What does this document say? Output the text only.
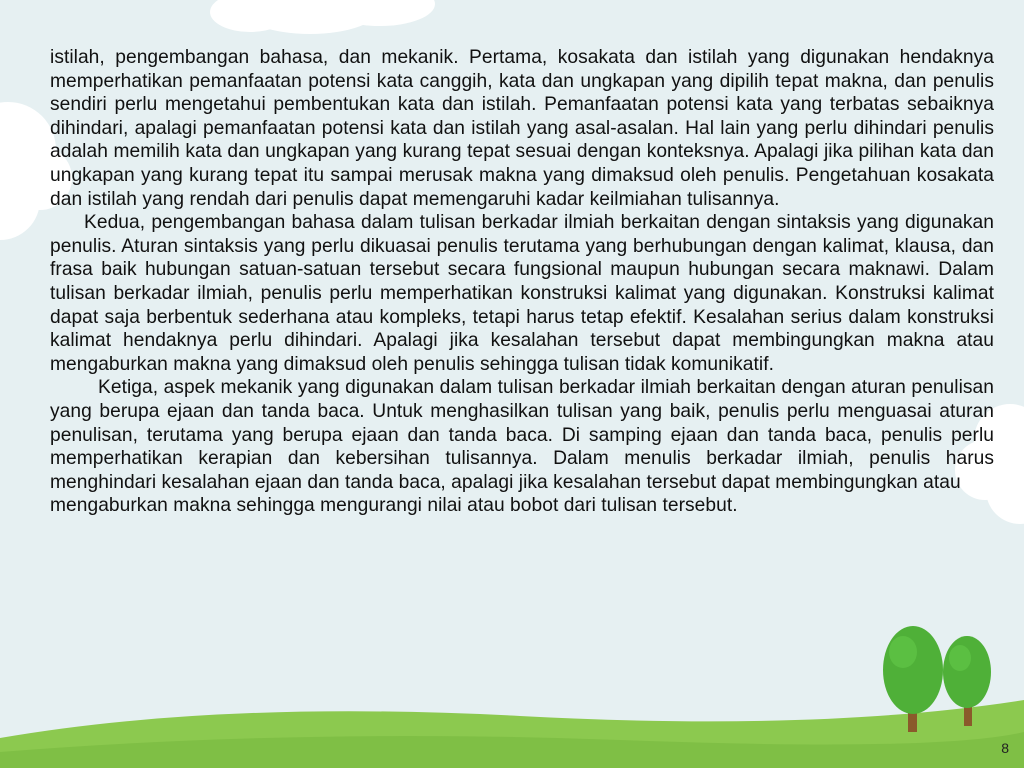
istilah, pengembangan bahasa, dan mekanik. Pertama, kosakata dan istilah yang digunakan hendaknya memperhatikan pemanfaatan potensi kata canggih, kata dan ungkapan yang dipilih tepat makna, dan penulis sendiri perlu mengetahui pembentukan kata dan istilah. Pemanfaatan potensi kata yang terbatas sebaiknya dihindari, apalagi pemanfaatan potensi kata dan istilah yang asal-asalan. Hal lain yang perlu dihindari penulis adalah memilih kata dan ungkapan yang kurang tepat sesuai dengan konteksnya. Apalagi jika pilihan kata dan ungkapan yang kurang tepat itu sampai merusak makna yang dimaksud oleh penulis. Pengetahuan kosakata dan istilah yang rendah dari penulis dapat memengaruhi kadar keilmiahan tulisannya.

Kedua, pengembangan bahasa dalam tulisan berkadar ilmiah berkaitan dengan sintaksis yang digunakan penulis. Aturan sintaksis yang perlu dikuasai penulis terutama yang berhubungan dengan kalimat, klausa, dan frasa baik hubungan satuan-satuan tersebut secara fungsional maupun hubungan secara maknawi. Dalam tulisan berkadar ilmiah, penulis perlu memperhatikan konstruksi kalimat yang digunakan. Konstruksi kalimat dapat saja berbentuk sederhana atau kompleks, tetapi harus tetap efektif. Kesalahan serius dalam konstruksi kalimat hendaknya perlu dihindari. Apalagi jika kesalahan tersebut dapat membingungkan makna atau mengaburkan makna yang dimaksud oleh penulis sehingga tulisan tidak komunikatif.

Ketiga, aspek mekanik yang digunakan dalam tulisan berkadar ilmiah berkaitan dengan aturan penulisan yang berupa ejaan dan tanda baca. Untuk menghasilkan tulisan yang baik, penulis perlu menguasai aturan penulisan, terutama yang berupa ejaan dan tanda baca. Di samping ejaan dan tanda baca, penulis perlu memperhatikan kerapian dan kebersihan tulisannya. Dalam menulis berkadar ilmiah, penulis harus menghindari kesalahan ejaan dan tanda baca, apalagi jika kesalahan tersebut dapat membingungkan atau
mengaburkan makna sehingga mengurangi nilai atau bobot dari tulisan tersebut.

8
